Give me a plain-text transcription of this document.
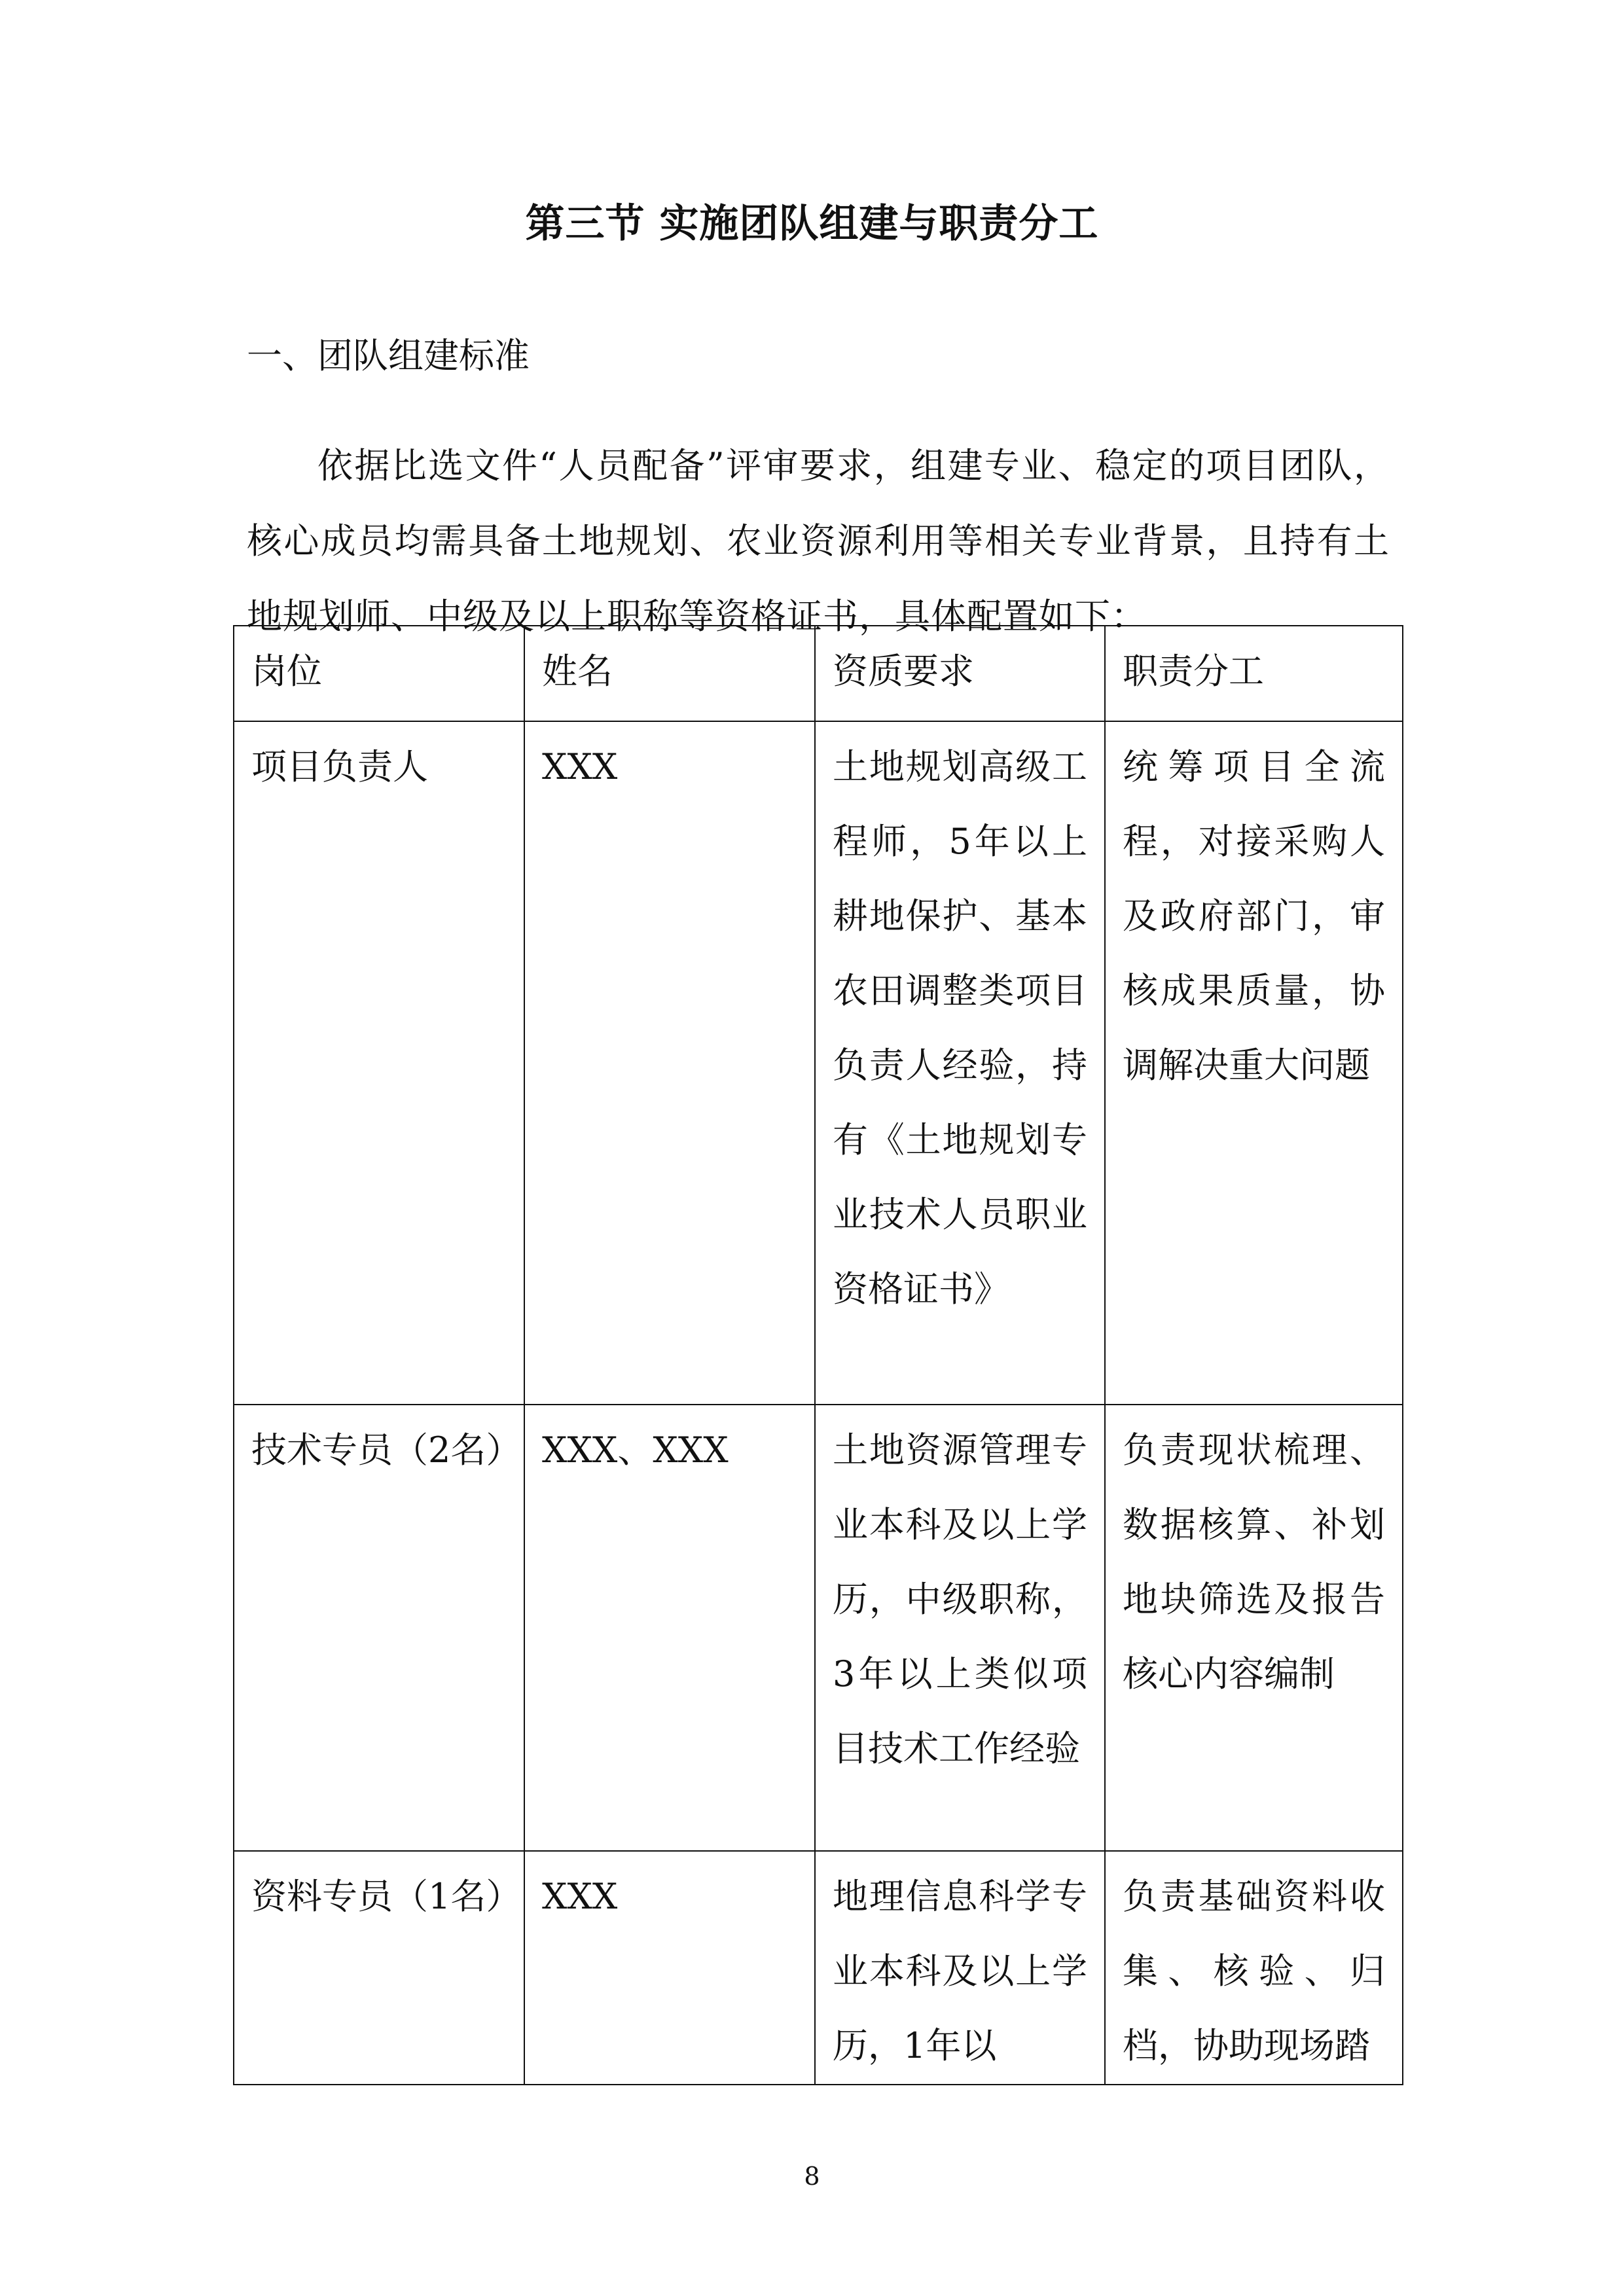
第三节 实施团队组建与职责分工
一、团队组建标准

依据比选文件“人员配备”评审要求，组建专业、稳定的项目团队，核心成员均需具备土地规划、农业资源利用等相关专业背景，且持有土地规划师、中级及以上职称等资格证书，具体配置如下：

岗位	姓名	资质要求	职责分工
项目负责人	XXX	土地规划高级工程师，5年以上耕地保护、基本农田调整类项目负责人经验，持有《土地规划专业技术人员职业资格证书》	统筹项目全流程，对接采购人及政府部门，审核成果质量，协调解决重大问题
技术专员（2名）	XXX、XXX	土地资源管理专业本科及以上学历，中级职称，3年以上类似项目技术工作经验	负责现状梳理、数据核算、补划地块筛选及报告核心内容编制
资料专员（1名）	XXX	地理信息科学专业本科及以上学历，1年以	负责基础资料收集、核验、归档，协助现场踏
8
